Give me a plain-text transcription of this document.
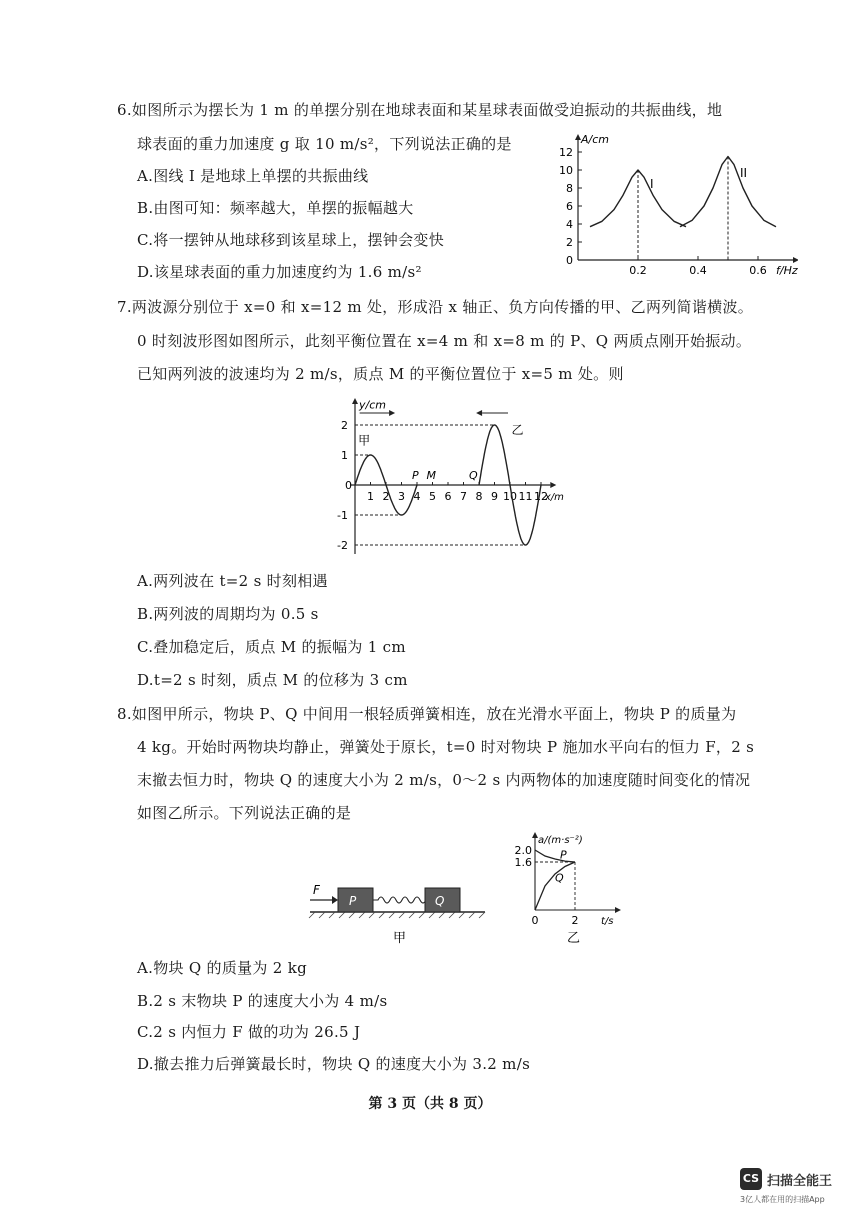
6.如图所示为摆长为 1 m 的单摆分别在地球表面和某星球表面做受迫振动的共振曲线，地
球表面的重力加速度 g 取 10 m/s²，下列说法正确的是
A.图线 I 是地球上单摆的共振曲线
B.由图可知：频率越大，单摆的振幅越大
C.将一摆钟从地球移到该星球上，摆钟会变快
D.该星球表面的重力加速度约为 1.6 m/s²
A/cm
f/Hz
0
2
4
6
8
10
12
0.2	0.4	0.6
I
II
7.两波源分别位于 x=0 和 x=12 m 处，形成沿 x 轴正、负方向传播的甲、乙两列简谐横波。
0 时刻波形图如图所示，此刻平衡位置在 x=4 m 和 x=8 m 的 P、Q 两质点刚开始振动。
已知两列波的波速均为 2 m/s，质点 M 的平衡位置位于 x=5 m 处。则
y/cm
x/m
0
2
1
-1
-2
1 2 3 4 5 6 7 8 9 10 11 12
甲
乙
P M	Q
A.两列波在 t=2 s 时刻相遇
B.两列波的周期均为 0.5 s
C.叠加稳定后，质点 M 的振幅为 1 cm
D.t=2 s 时刻，质点 M 的位移为 3 cm
8.如图甲所示，物块 P、Q 中间用一根轻质弹簧相连，放在光滑水平面上，物块 P 的质量为
4 kg。开始时两物块均静止，弹簧处于原长，t=0 时对物块 P 施加水平向右的恒力 F，2 s
末撤去恒力时，物块 Q 的速度大小为 2 m/s，0～2 s 内两物体的加速度随时间变化的情况
如图乙所示。下列说法正确的是
F
P	Q
甲
a/(m·s⁻²)
t/s
2.0
1.6
0	2
P
Q
乙
A.物块 Q 的质量为 2 kg
B.2 s 末物块 P 的速度大小为 4 m/s
C.2 s 内恒力 F 做的功为 26.5 J
D.撤去推力后弹簧最长时，物块 Q 的速度大小为 3.2 m/s
第 3 页（共 8 页）
CS 扫描全能王
3亿人都在用的扫描App
